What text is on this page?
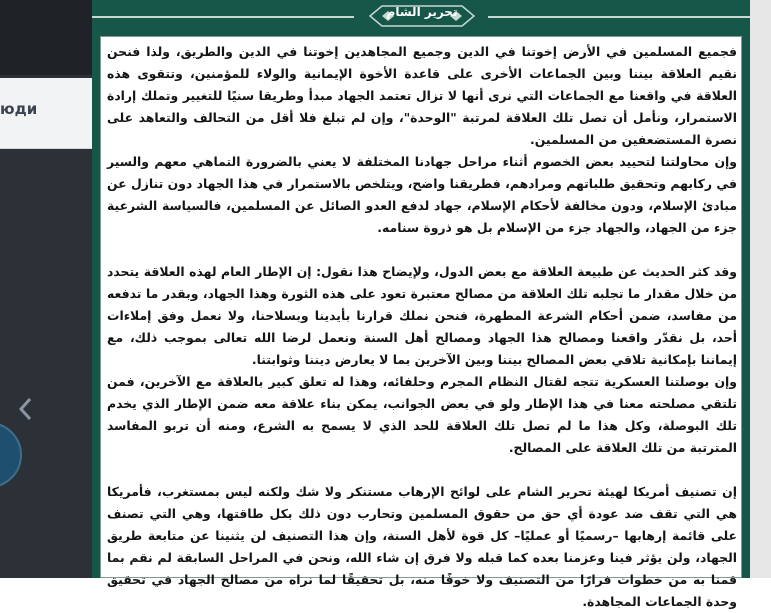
юди
تحرير الشام

فجميع المسلمين في الأرض إخوتنا في الدين وجميع المجاهدين إخوتنا في الدين والطريق، ولذا فنحن نقيم العلاقة بيننا وبين الجماعات الأخرى على قاعدة الأخوة الإيمانية والولاء للمؤمنين، وتتقوى هذه العلاقة في واقعنا مع الجماعات التي نرى أنها لا تزال تعتمد الجهاد مبدأ وطريقا سنيًا للتغيير وتملك إرادة الاستمرار، ونأمل أن تصل تلك العلاقة لمرتبة "الوحدة"، وإن لم تبلغ فلا أقل من التحالف والتعاهد على نصرة المستضعفين من المسلمين.

وإن محاولتنا لتحييد بعض الخصوم أثناء مراحل جهادنا المختلفة لا يعني بالضرورة التماهي معهم والسير في ركابهم وتحقيق طلباتهم ومرادهم، فطريقنا واضح، ويتلخص بالاستمرار في هذا الجهاد دون تنازل عن مبادئ الإسلام، ودون مخالفة لأحكام الإسلام، جهاد لدفع العدو الصائل عن المسلمين، فالسياسة الشرعية جزء من الجهاد، والجهاد جزء من الإسلام بل هو ذروة سنامه.

وقد كثر الحديث عن طبيعة العلاقة مع بعض الدول، ولإيضاح هذا نقول: إن الإطار العام لهذه العلاقة يتحدد من خلال مقدار ما تجلبه تلك العلاقة من مصالح معتبرة تعود على هذه الثورة وهذا الجهاد، وبقدر ما تدفعه من مفاسد، ضمن أحكام الشرعة المطهرة، فنحن نملك قرارنا بأيدينا وبسلاحنا، ولا نعمل وفق إملاءات أحد، بل نقدّر واقعنا ومصالح هذا الجهاد ومصالح أهل السنة ونعمل لرضا الله تعالى بموجب ذلك، مع إيماننا بإمكانية تلاقي بعض المصالح بيننا وبين الآخرين بما لا يعارض ديننا وثوابتنا.

وإن بوصلتنا العسكرية تتجه لقتال النظام المجرم وحلفائه، وهذا له تعلق كبير بالعلاقة مع الآخرين، فمن تلتقي مصلحته معنا في هذا الإطار ولو في بعض الجوانب، يمكن بناء علاقة معه ضمن الإطار الذي يخدم تلك البوصلة، وكل هذا ما لم تصل تلك العلاقة للحد الذي لا يسمح به الشرع، ومنه أن تربو المفاسد المترتبة من تلك العلاقة على المصالح.

إن تصنيف أمريكا لهيئة تحرير الشام على لوائح الإرهاب مستنكر ولا شك ولكنه ليس بمستغرب، فأمريكا هي التي تقف ضد عودة أي حق من حقوق المسلمين وتحارب دون ذلك بكل طاقتها، وهي التي تصنف على قائمة إرهابها –رسميًا أو عمليًا– كل قوة لأهل السنة، وإن هذا التصنيف لن يثنينا عن متابعة طريق الجهاد، ولن يؤثر فينا وعزمنا بعده كما قبله ولا فرق إن شاء الله، ونحن في المراحل السابقة لم نقم بما قمنا به من خطوات فرارًا من التصنيف ولا خوفًا منه، بل تحقيقًا لما نراه من مصالح الجهاد في تحقيق وحدة الجماعات المجاهدة.
